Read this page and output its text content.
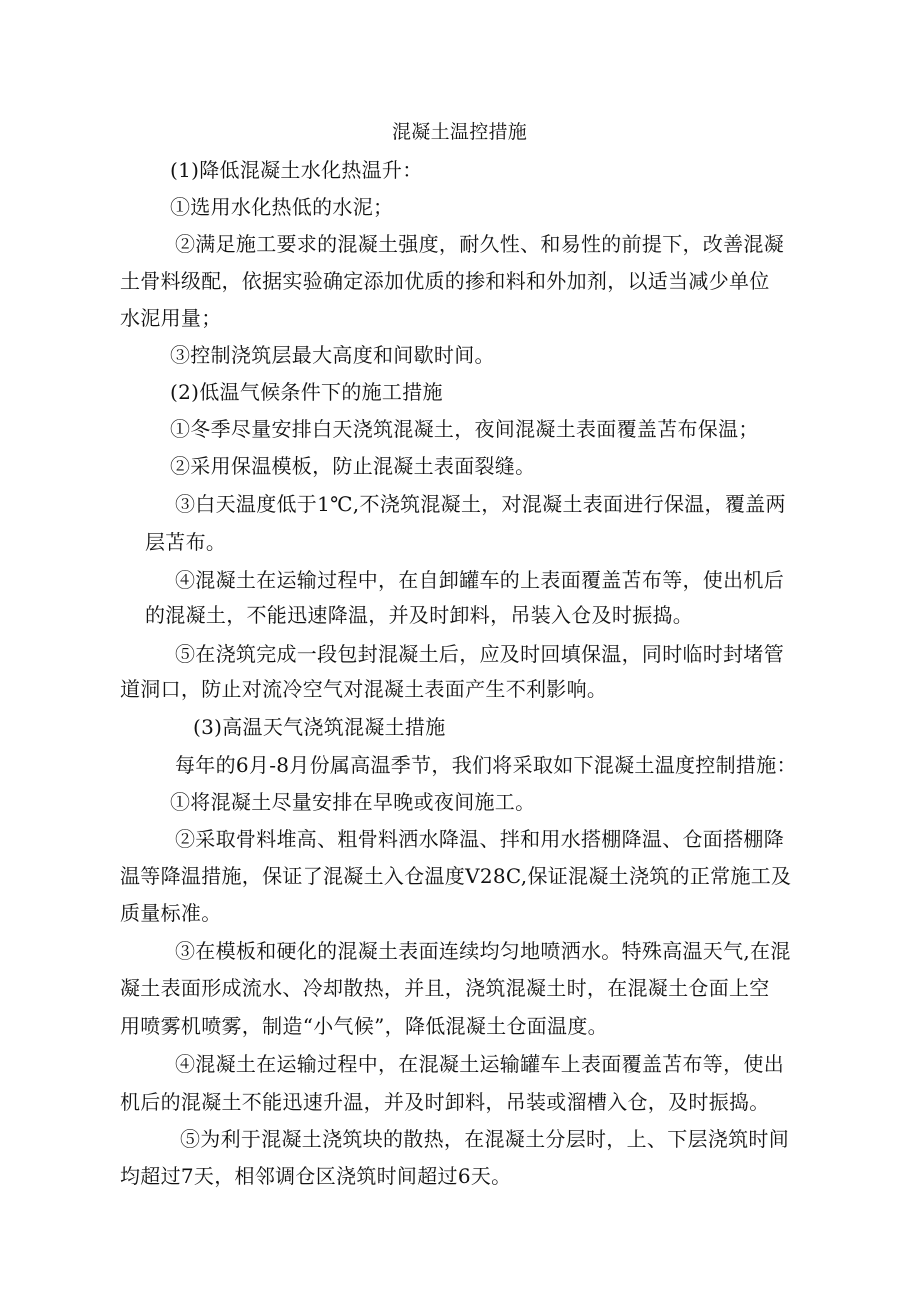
混凝土温控措施
(1)降低混凝土水化热温升：
①选用水化热低的水泥；
②满足施工要求的混凝土强度，耐久性、和易性的前提下，改善混凝
土骨料级配，依据实验确定添加优质的掺和料和外加剂，以适当减少单位
水泥用量；
③控制浇筑层最大高度和间歇时间。
(2)低温气候条件下的施工措施
①冬季尽量安排白天浇筑混凝土，夜间混凝土表面覆盖苫布保温；
②采用保温模板，防止混凝土表面裂缝。
③白天温度低于1℃,不浇筑混凝土，对混凝土表面进行保温，覆盖两
层苫布。
④混凝土在运输过程中，在自卸罐车的上表面覆盖苫布等，使出机后
的混凝土，不能迅速降温，并及时卸料，吊装入仓及时振捣。
⑤在浇筑完成一段包封混凝土后，应及时回填保温，同时临时封堵管
道洞口，防止对流冷空气对混凝土表面产生不利影响。
(3)高温天气浇筑混凝土措施
每年的6月-8月份属高温季节，我们将采取如下混凝土温度控制措施：
①将混凝土尽量安排在早晚或夜间施工。
②采取骨料堆高、粗骨料洒水降温、拌和用水搭棚降温、仓面搭棚降
温等降温措施，保证了混凝土入仓温度V28C,保证混凝土浇筑的正常施工及
质量标准。
③在模板和硬化的混凝土表面连续均匀地喷洒水。特殊高温天气,在混
凝土表面形成流水、冷却散热，并且，浇筑混凝土时，在混凝土仓面上空
用喷雾机喷雾，制造“小气候”，降低混凝土仓面温度。
④混凝土在运输过程中，在混凝土运输罐车上表面覆盖苫布等，使出
机后的混凝土不能迅速升温，并及时卸料，吊装或溜槽入仓，及时振捣。
⑤为利于混凝土浇筑块的散热，在混凝土分层时，上、下层浇筑时间
均超过7天，相邻调仓区浇筑时间超过6天。
